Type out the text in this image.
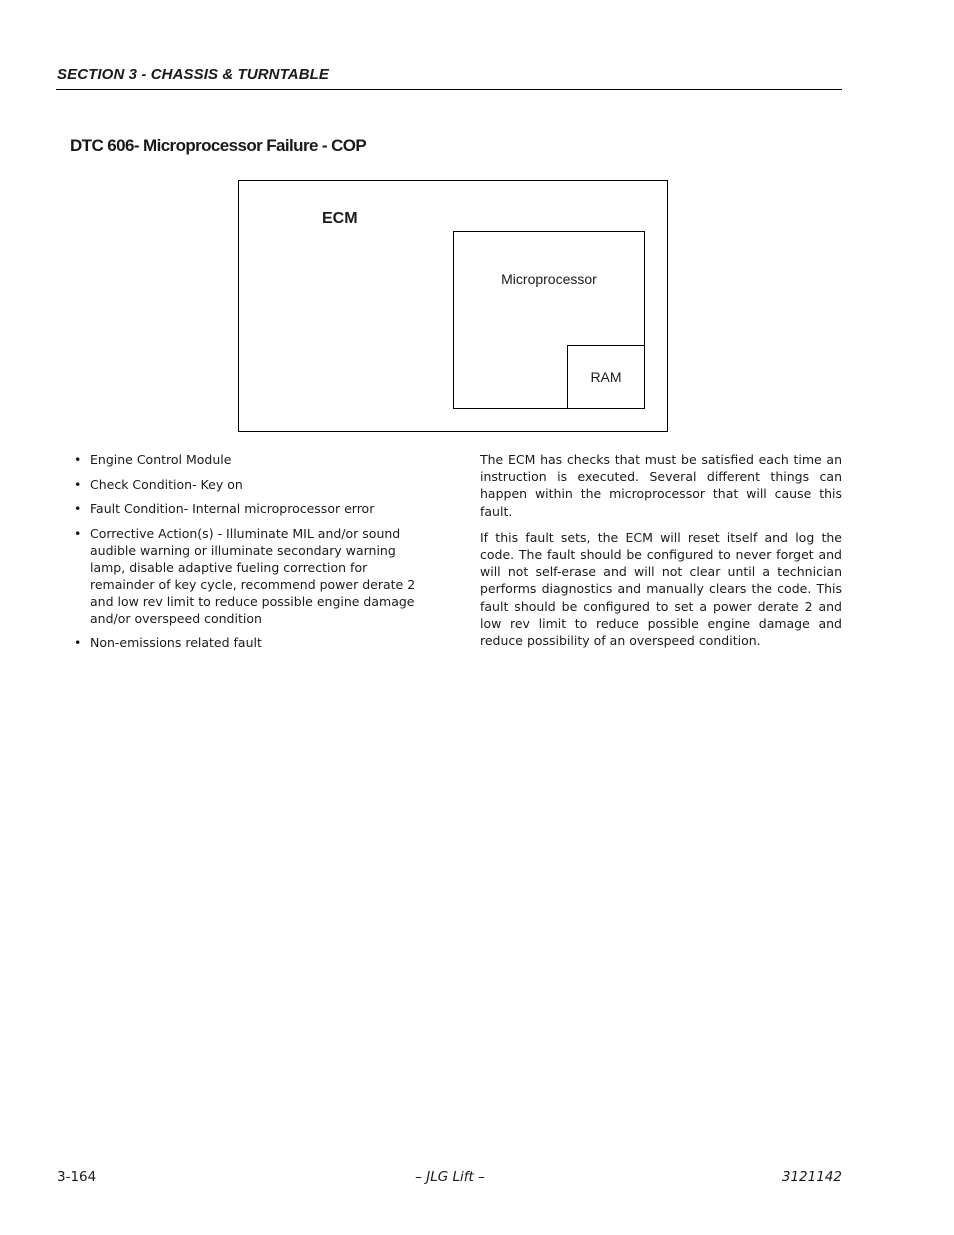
SECTION 3 - CHASSIS & TURNTABLE
DTC 606- Microprocessor Failure - COP
ECM
Microprocessor
RAM
• Engine Control Module
• Check Condition- Key on
• Fault Condition- Internal microprocessor error
• Corrective Action(s) - Illuminate MIL and/or sound audible warning or illuminate secondary warning lamp, disable adaptive fueling correction for remainder of key cycle, recommend power derate 2 and low rev limit to reduce possible engine damage and/or overspeed condition
• Non-emissions related fault

The ECM has checks that must be satisfied each time an instruction is executed. Several different things can happen within the microprocessor that will cause this fault.

If this fault sets, the ECM will reset itself and log the code. The fault should be configured to never forget and will not self-erase and will not clear until a technician performs diagnostics and manually clears the code. This fault should be configured to set a power derate 2 and low rev limit to reduce possible engine damage and reduce possibility of an overspeed condition.

3-164	– JLG Lift –	3121142
